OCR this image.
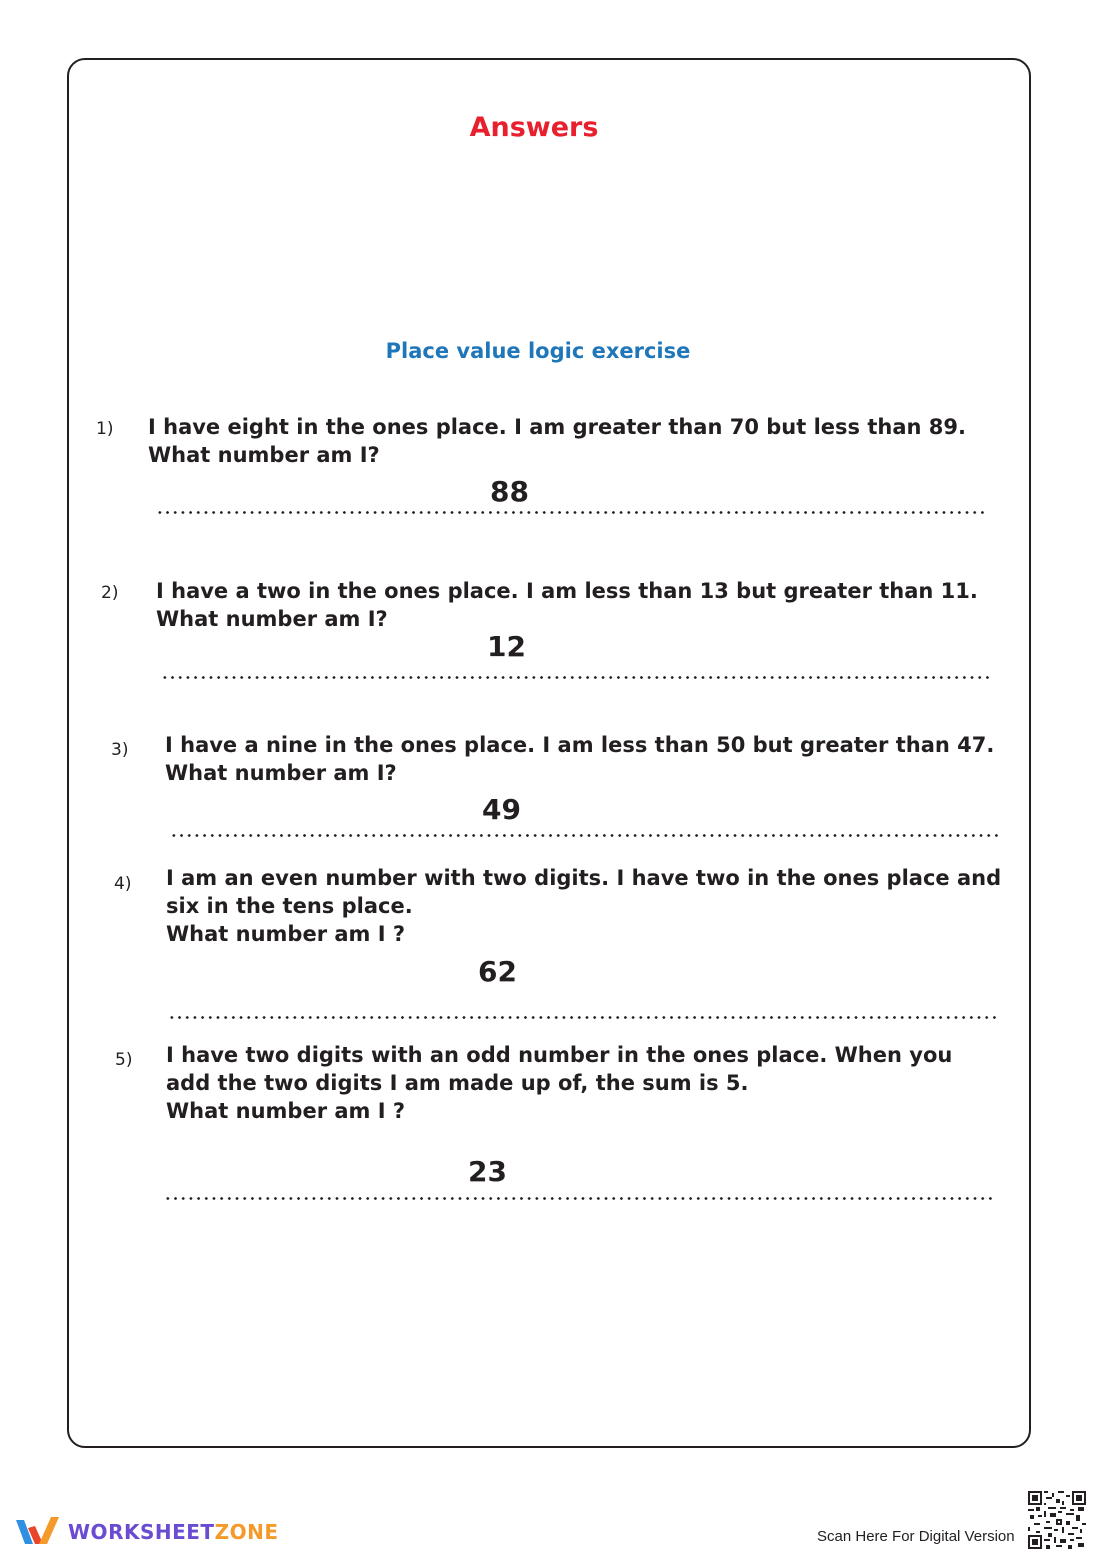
Answers
Place value logic exercise
1) I have eight in the ones place. I am greater than 70 but less than 89.
What number am I?
88
2) I have a two in the ones place. I am less than 13 but greater than 11.
What number am I?
12
3) I have a nine in the ones place. I am less than 50 but greater than 47.
What number am I?
49
4) I am an even number with two digits. I have two in the ones place and
six in the tens place.
What number am I ?
62
5) I have two digits with an odd number in the ones place. When you
add the two digits I am made up of, the sum is 5.
What number am I ?
23
WORKSHEETZONE	Scan Here For Digital Version
